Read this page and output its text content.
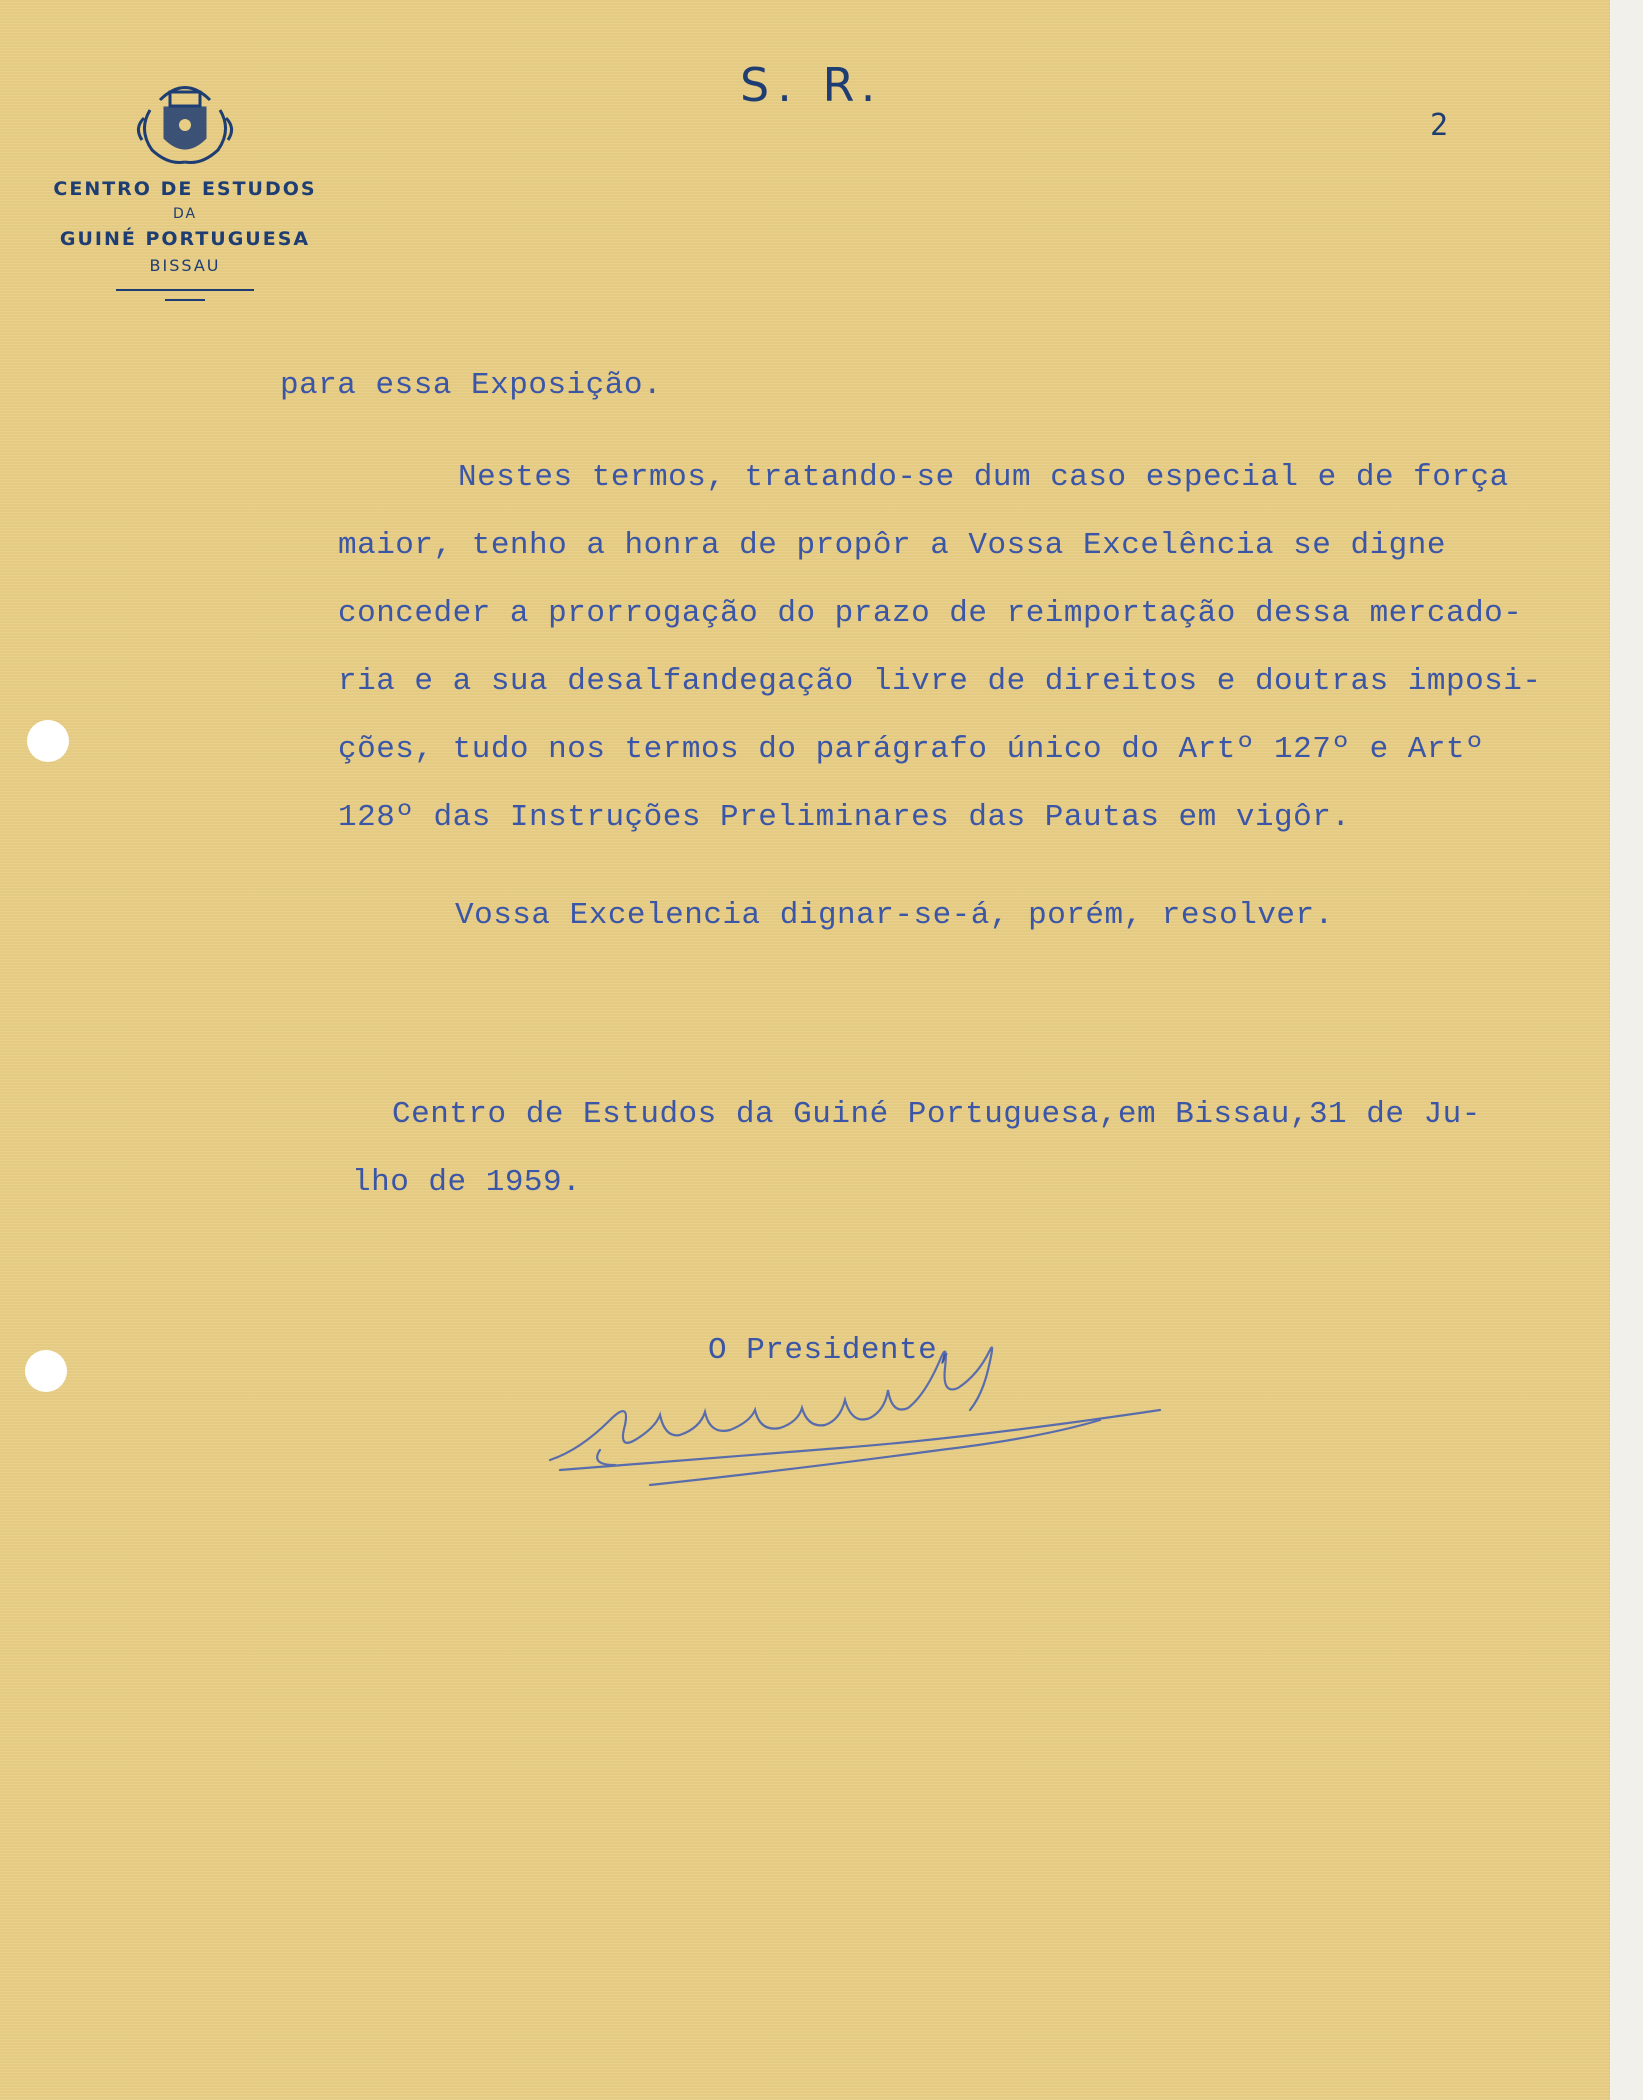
CENTRO DE ESTUDOS
DA
GUINÉ PORTUGUESA
BISSAU
S. R.
2
para essa Exposição.
Nestes termos, tratando-se dum caso especial e de força
maior, tenho a honra de propôr a Vossa Excelência se digne
conceder a prorrogação do prazo de reimportação dessa mercado-
ria e a sua desalfandegação livre de direitos e doutras imposi-
ções, tudo nos termos do parágrafo único do Artº 127º e Artº
128º das Instruções Preliminares das Pautas em vigôr.
Vossa Excelencia dignar-se-á, porém, resolver.
Centro de Estudos da Guiné Portuguesa,em Bissau,31 de Ju-
lho de 1959.
O Presidente,
